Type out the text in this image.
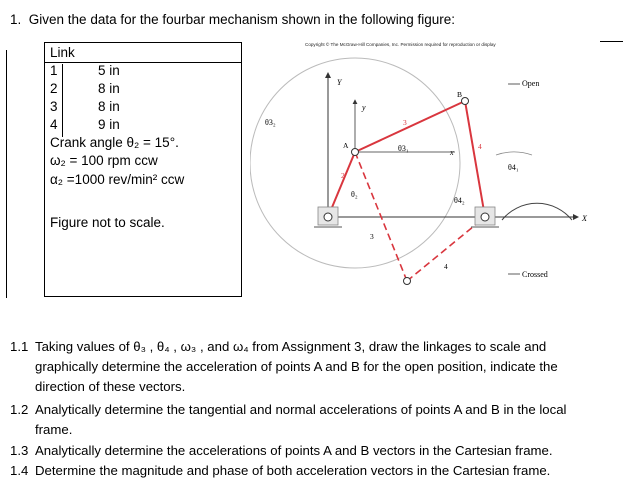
1. Given the data for the fourbar mechanism shown in the following figure:
Link
1	5 in
2	8 in
3	8 in
4	9 in
Crank angle θ₂ = 15°.
ω₂ = 100 rpm ccw
α₂ =1000 rev/min² ccw
Figure not to scale.
Copyright © The McGraw-Hill Companies, Inc. Permission required for reproduction or display
θ3₂
Y
y
B
Open
A
3
4
2
θ3₁	x
θ4₁
θ₂
θ4₂
X
3
4
Crossed
1.1 Taking values of θ₃ , θ₄ , ω₃ , and ω₄ from Assignment 3, draw the linkages to scale and
graphically determine the acceleration of points A and B for the open position, indicate the
direction of these vectors.
1.2 Analytically determine the tangential and normal accelerations of points A and B in the local
frame.
1.3 Analytically determine the accelerations of points A and B vectors in the Cartesian frame.
1.4 Determine the magnitude and phase of both acceleration vectors in the Cartesian frame.
